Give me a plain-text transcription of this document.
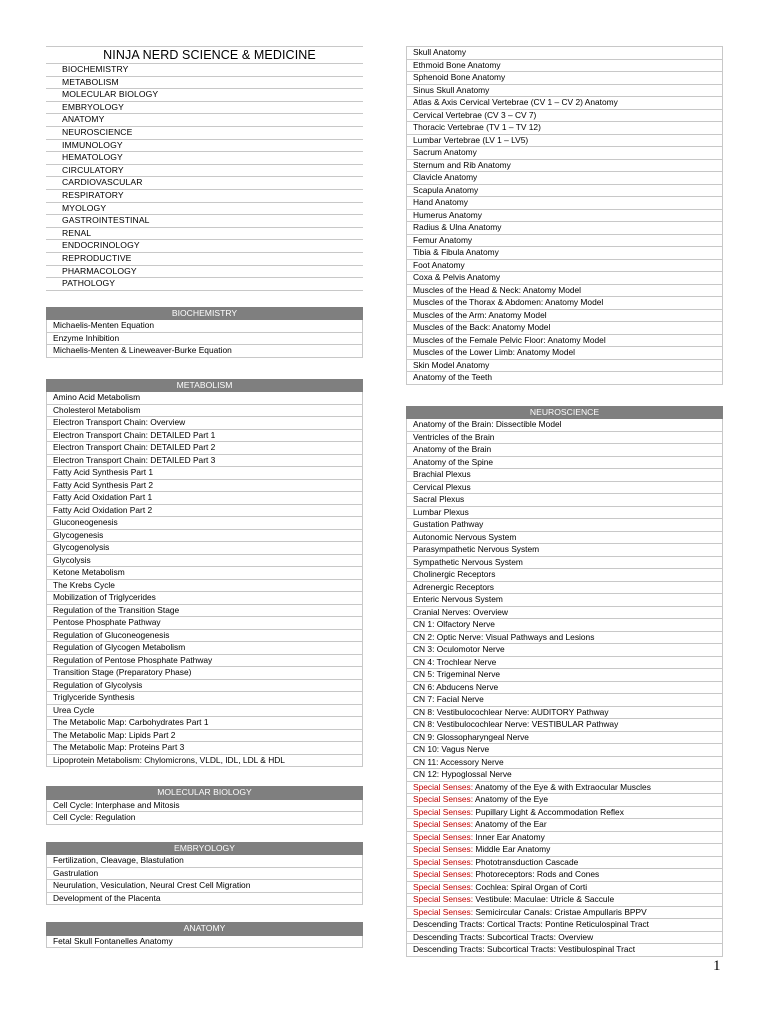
NINJA NERD SCIENCE & MEDICINE
BIOCHEMISTRY
METABOLISM
MOLECULAR BIOLOGY
EMBRYOLOGY
ANATOMY
NEUROSCIENCE
IMMUNOLOGY
HEMATOLOGY
CIRCULATORY
CARDIOVASCULAR
RESPIRATORY
MYOLOGY
GASTROINTESTINAL
RENAL
ENDOCRINOLOGY
REPRODUCTIVE
PHARMACOLOGY
PATHOLOGY
BIOCHEMISTRY
Michaelis-Menten Equation
Enzyme Inhibition
Michaelis-Menten & Lineweaver-Burke Equation
METABOLISM
Amino Acid Metabolism
Cholesterol Metabolism
Electron Transport Chain: Overview
Electron Transport Chain: DETAILED Part 1
Electron Transport Chain: DETAILED Part 2
Electron Transport Chain: DETAILED Part 3
Fatty Acid Synthesis Part 1
Fatty Acid Synthesis Part 2
Fatty Acid Oxidation Part 1
Fatty Acid Oxidation Part 2
Gluconeogenesis
Glycogenesis
Glycogenolysis
Glycolysis
Ketone Metabolism
The Krebs Cycle
Mobilization of Triglycerides
Regulation of the Transition Stage
Pentose Phosphate Pathway
Regulation of Gluconeogenesis
Regulation of Glycogen Metabolism
Regulation of Pentose Phosphate Pathway
Transition Stage (Preparatory Phase)
Regulation of Glycolysis
Triglyceride Synthesis
Urea Cycle
The Metabolic Map: Carbohydrates Part 1
The Metabolic Map: Lipids Part 2
The Metabolic Map: Proteins Part 3
Lipoprotein Metabolism: Chylomicrons, VLDL, IDL, LDL & HDL
MOLECULAR BIOLOGY
Cell Cycle: Interphase and Mitosis
Cell Cycle: Regulation
EMBRYOLOGY
Fertilization, Cleavage, Blastulation
Gastrulation
Neurulation, Vesiculation, Neural Crest Cell Migration
Development of the Placenta
ANATOMY
Fetal Skull Fontanelles Anatomy
Skull Anatomy
Ethmoid Bone Anatomy
Sphenoid Bone Anatomy
Sinus Skull Anatomy
Atlas & Axis Cervical Vertebrae (CV 1 – CV 2) Anatomy
Cervical Vertebrae (CV 3 – CV 7)
Thoracic Vertebrae (TV 1 – TV 12)
Lumbar Vertebrae (LV 1 – LV5)
Sacrum Anatomy
Sternum and Rib Anatomy
Clavicle Anatomy
Scapula Anatomy
Hand Anatomy
Humerus Anatomy
Radius & Ulna Anatomy
Femur Anatomy
Tibia & Fibula Anatomy
Foot Anatomy
Coxa & Pelvis Anatomy
Muscles of the Head & Neck: Anatomy Model
Muscles of the Thorax & Abdomen: Anatomy Model
Muscles of the Arm: Anatomy Model
Muscles of the Back: Anatomy Model
Muscles of the Female Pelvic Floor: Anatomy Model
Muscles of the Lower Limb: Anatomy Model
Skin Model Anatomy
Anatomy of the Teeth
NEUROSCIENCE
Anatomy of the Brain: Dissectible Model
Ventricles of the Brain
Anatomy of the Brain
Anatomy of the Spine
Brachial Plexus
Cervical Plexus
Sacral Plexus
Lumbar Plexus
Gustation Pathway
Autonomic Nervous System
Parasympathetic Nervous System
Sympathetic Nervous System
Cholinergic Receptors
Adrenergic Receptors
Enteric Nervous System
Cranial Nerves: Overview
CN 1: Olfactory Nerve
CN 2: Optic Nerve: Visual Pathways and Lesions
CN 3: Oculomotor Nerve
CN 4: Trochlear Nerve
CN 5: Trigeminal Nerve
CN 6: Abducens Nerve
CN 7: Facial Nerve
CN 8: Vestibulocochlear Nerve: AUDITORY Pathway
CN 8: Vestibulocochlear Nerve: VESTIBULAR Pathway
CN 9: Glossopharyngeal Nerve
CN 10: Vagus Nerve
CN 11: Accessory Nerve
CN 12: Hypoglossal Nerve
Special Senses: Anatomy of the Eye & with Extraocular Muscles
Special Senses: Anatomy of the Eye
Special Senses: Pupillary Light & Accommodation Reflex
Special Senses: Anatomy of the Ear
Special Senses: Inner Ear Anatomy
Special Senses: Middle Ear Anatomy
Special Senses: Phototransduction Cascade
Special Senses: Photoreceptors: Rods and Cones
Special Senses: Cochlea: Spiral Organ of Corti
Special Senses: Vestibule: Maculae: Utricle & Saccule
Special Senses: Semicircular Canals: Cristae Ampullaris BPPV
Descending Tracts: Cortical Tracts: Pontine Reticulospinal Tract
Descending Tracts: Subcortical Tracts: Overview
Descending Tracts: Subcortical Tracts: Vestibulospinal Tract
1
